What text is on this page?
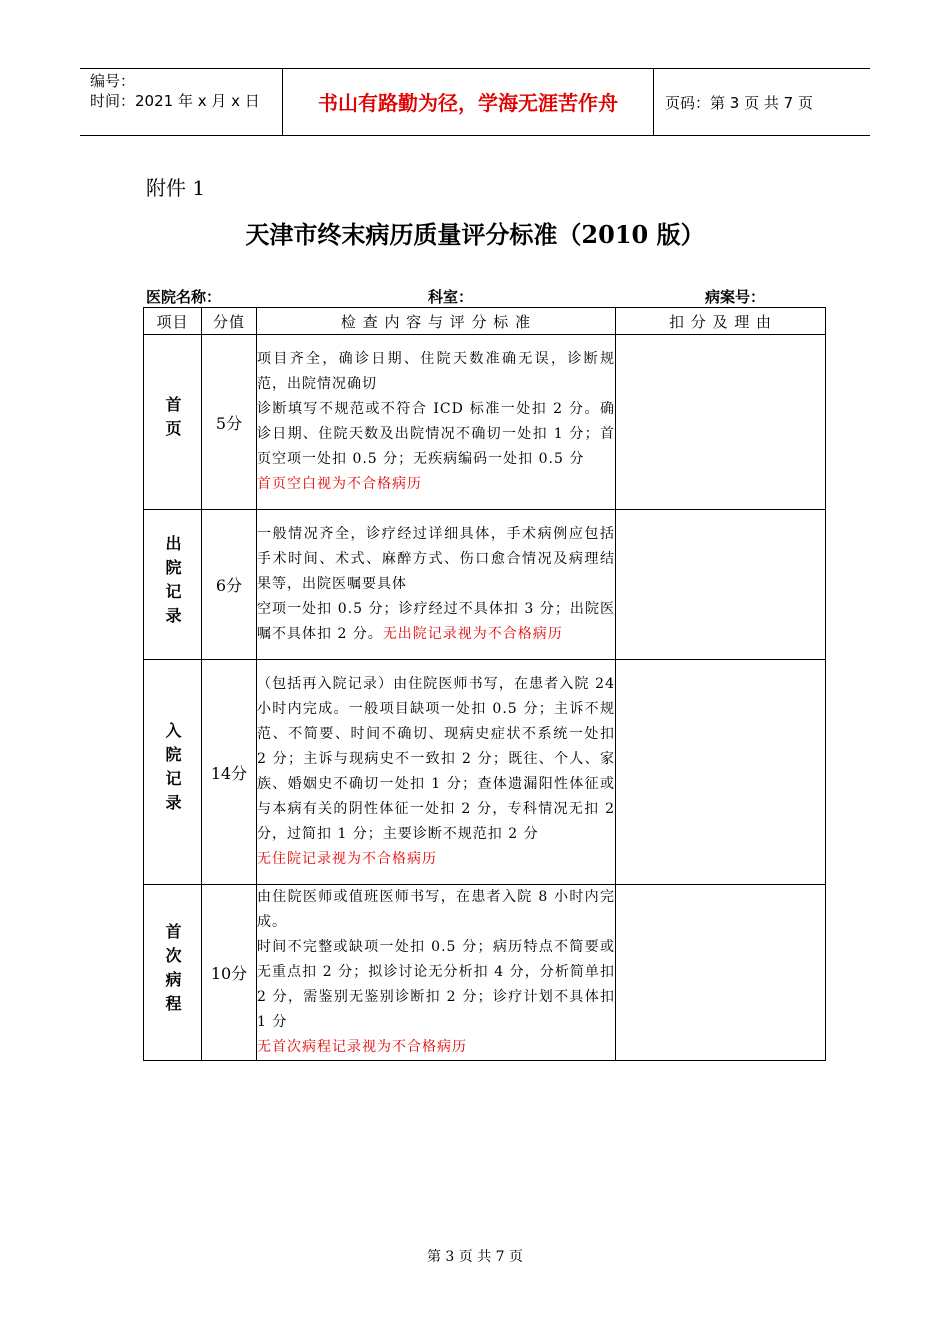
编号：
时间：2021 年 x 月 x 日	书山有路勤为径，学海无涯苦作舟	页码：第 3 页 共 7 页
附件 1
天津市终末病历质量评分标准（2010 版）
医院名称：	科室：	病案号：
项目	分值	检 查 内 容 与 评 分 标 准	扣 分 及 理 由
首页	5分	项目齐全，确诊日期、住院天数准确无误，诊断规范，出院情况确切
诊断填写不规范或不符合 ICD 标准一处扣 2 分。确诊日期、住院天数及出院情况不确切一处扣 1 分；首页空项一处扣 0.5 分；无疾病编码一处扣 0.5 分
首页空白视为不合格病历	
出院记录	6分	一般情况齐全，诊疗经过详细具体，手术病例应包括手术时间、术式、麻醉方式、伤口愈合情况及病理结果等，出院医嘱要具体
空项一处扣 0.5 分；诊疗经过不具体扣 3 分；出院医嘱不具体扣 2 分。无出院记录视为不合格病历	
入院记录	14分	（包括再入院记录）由住院医师书写，在患者入院 24 小时内完成。一般项目缺项一处扣 0.5 分；主诉不规范、不简要、时间不确切、现病史症状不系统一处扣 2 分；主诉与现病史不一致扣 2 分；既往、个人、家族、婚姻史不确切一处扣 1 分；查体遗漏阳性体征或与本病有关的阴性体征一处扣 2 分，专科情况无扣 2 分，过简扣 1 分；主要诊断不规范扣 2 分
无住院记录视为不合格病历	
首次病程	10分	由住院医师或值班医师书写，在患者入院 8 小时内完成。
时间不完整或缺项一处扣 0.5 分；病历特点不简要或无重点扣 2 分；拟诊讨论无分析扣 4 分，分析简单扣 2 分，需鉴别无鉴别诊断扣 2 分；诊疗计划不具体扣 1 分
无首次病程记录视为不合格病历	
第 3 页 共 7 页
